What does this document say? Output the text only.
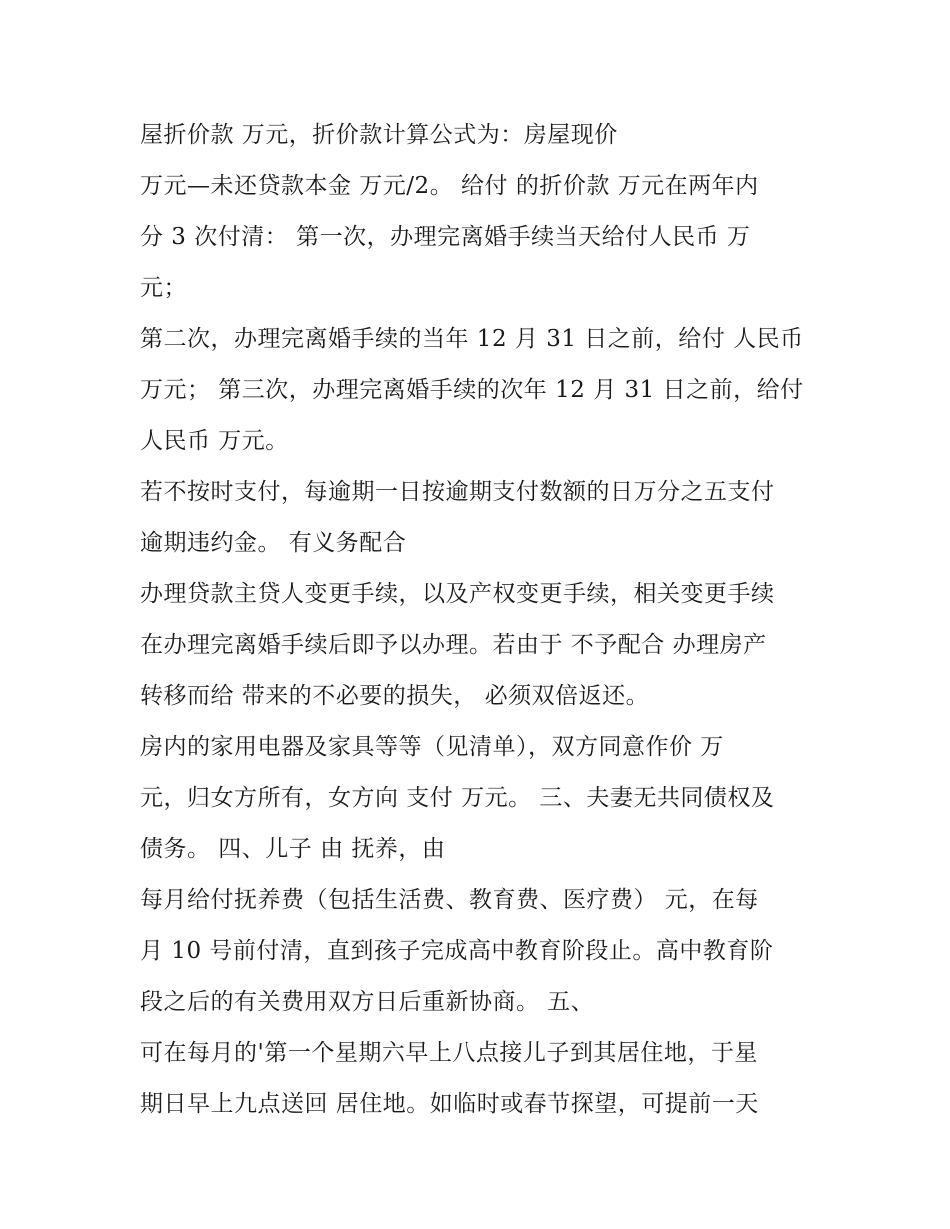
屋折价款 万元，折价款计算公式为：房屋现价
万元—未还贷款本金 万元/2。 给付 的折价款 万元在两年内
分 3 次付清： 第一次，办理完离婚手续当天给付人民币 万
元；
第二次，办理完离婚手续的当年 12 月 31 日之前，给付 人民币
万元； 第三次，办理完离婚手续的次年 12 月 31 日之前，给付
人民币 万元。
若不按时支付，每逾期一日按逾期支付数额的日万分之五支付
逾期违约金。 有义务配合
办理贷款主贷人变更手续，以及产权变更手续，相关变更手续
在办理完离婚手续后即予以办理。若由于 不予配合 办理房产
转移而给 带来的不必要的损失， 必须双倍返还。
房内的家用电器及家具等等（见清单），双方同意作价 万
元，归女方所有，女方向 支付 万元。 三、夫妻无共同债权及
债务。 四、儿子 由 抚养，由
每月给付抚养费（包括生活费、教育费、医疗费） 元，在每
月 10 号前付清，直到孩子完成高中教育阶段止。高中教育阶
段之后的有关费用双方日后重新协商。 五、
可在每月的'第一个星期六早上八点接儿子到其居住地，于星
期日早上九点送回 居住地。如临时或春节探望，可提前一天
